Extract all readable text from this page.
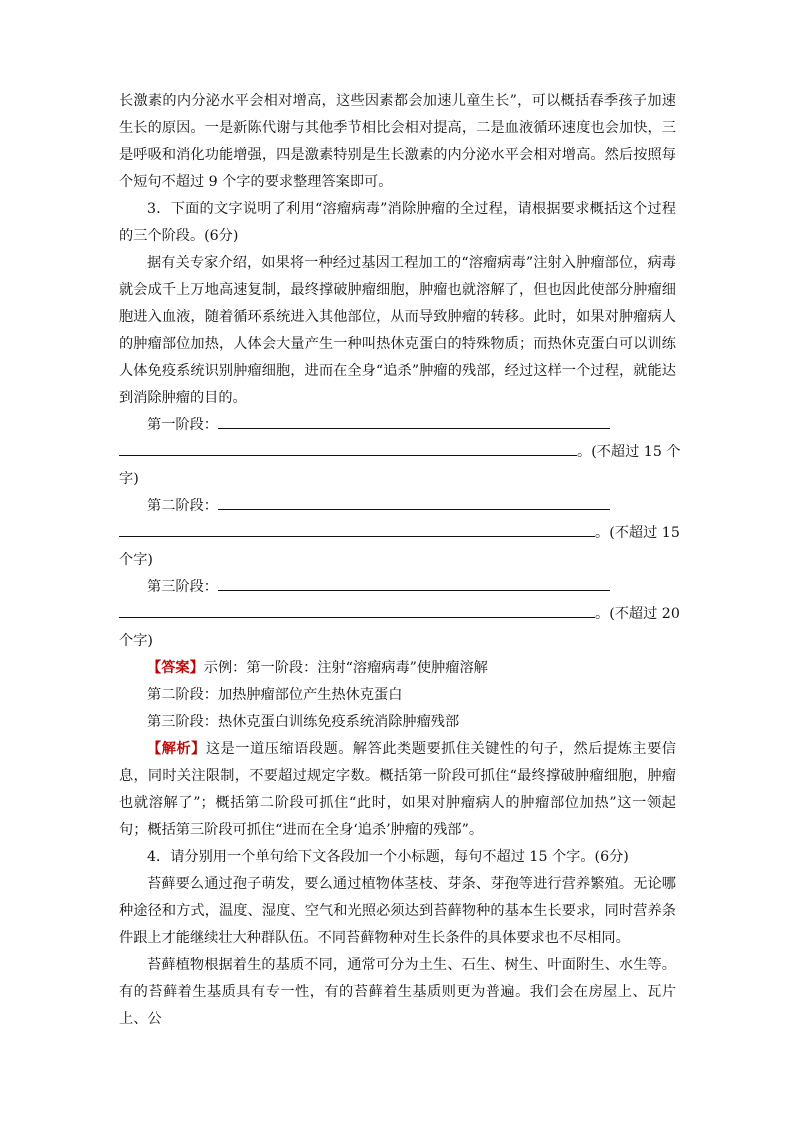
长激素的内分泌水平会相对增高，这些因素都会加速儿童生长”，可以概括春季孩子加速生长的原因。一是新陈代谢与其他季节相比会相对提高，二是血液循环速度也会加快，三是呼吸和消化功能增强，四是激素特别是生长激素的内分泌水平会相对增高。然后按照每个短句不超过 9 个字的要求整理答案即可。

3．下面的文字说明了利用“溶瘤病毒”消除肿瘤的全过程，请根据要求概括这个过程的三个阶段。(6分)

据有关专家介绍，如果将一种经过基因工程加工的“溶瘤病毒”注射入肿瘤部位，病毒就会成千上万地高速复制，最终撑破肿瘤细胞，肿瘤也就溶解了，但也因此使部分肿瘤细胞进入血液，随着循环系统进入其他部位，从而导致肿瘤的转移。此时，如果对肿瘤病人的肿瘤部位加热，人体会大量产生一种叫热休克蛋白的特殊物质；而热休克蛋白可以训练人体免疫系统识别肿瘤细胞，进而在全身“追杀”肿瘤的残部，经过这样一个过程，就能达到消除肿瘤的目的。

第一阶段：
。(不超过 15 个
字)
第二阶段：
。(不超过 15
个字)
第三阶段：
。(不超过 20
个字)
【答案】示例：第一阶段：注射“溶瘤病毒”使肿瘤溶解
第二阶段：加热肿瘤部位产生热休克蛋白
第三阶段：热休克蛋白训练免疫系统消除肿瘤残部

【解析】这是一道压缩语段题。解答此类题要抓住关键性的句子，然后提炼主要信息，同时关注限制，不要超过规定字数。概括第一阶段可抓住“最终撑破肿瘤细胞，肿瘤也就溶解了”；概括第二阶段可抓住“此时，如果对肿瘤病人的肿瘤部位加热”这一领起句；概括第三阶段可抓住“进而在全身‘追杀’肿瘤的残部”。

4．请分别用一个单句给下文各段加一个小标题，每句不超过 15 个字。(6分)

苔藓要么通过孢子萌发，要么通过植物体茎枝、芽条、芽孢等进行营养繁殖。无论哪种途径和方式，温度、湿度、空气和光照必须达到苔藓物种的基本生长要求，同时营养条件跟上才能继续壮大种群队伍。不同苔藓物种对生长条件的具体要求也不尽相同。

苔藓植物根据着生的基质不同，通常可分为土生、石生、树生、叶面附生、水生等。有的苔藓着生基质具有专一性，有的苔藓着生基质则更为普遍。我们会在房屋上、瓦片上、公
